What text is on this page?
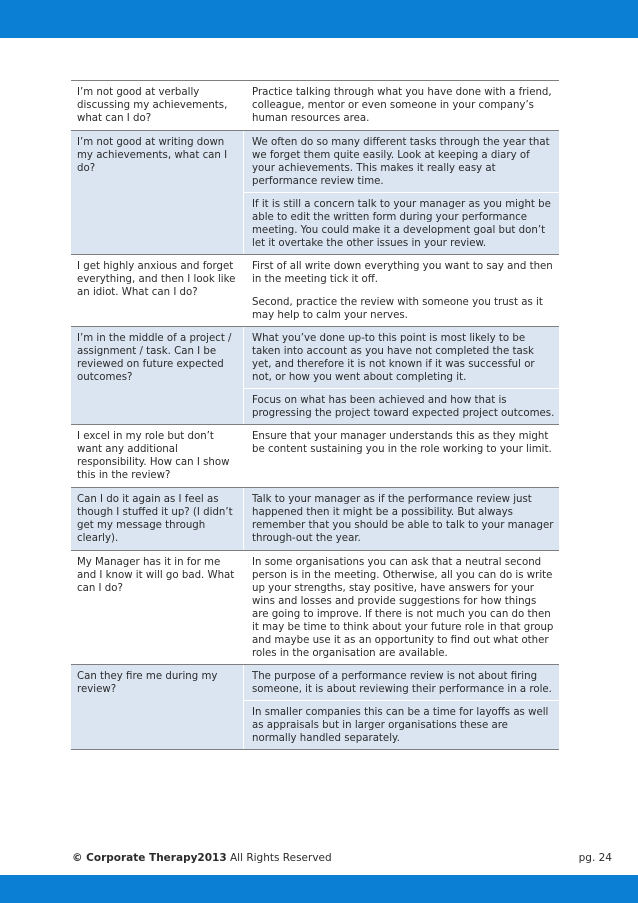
I’m not good at verbally discussing my achievements, what can I do?

Practice talking through what you have done with a friend, colleague, mentor or even someone in your company’s human resources area.

I’m not good at writing down my achievements, what can I do?

We often do so many different tasks through the year that we forget them quite easily. Look at keeping a diary of your achievements. This makes it really easy at performance review time.

If it is still a concern talk to your manager as you might be able to edit the written form during your performance meeting. You could make it a development goal but don’t let it overtake the other issues in your review.

I get highly anxious and forget everything, and then I look like an idiot. What can I do?

First of all write down everything you want to say and then in the meeting tick it off.

Second, practice the review with someone you trust as it may help to calm your nerves.

I’m in the middle of a project / assignment / task. Can I be reviewed on future expected outcomes?

What you’ve done up-to this point is most likely to be taken into account as you have not completed the task yet, and therefore it is not known if it was successful or not, or how you went about completing it.

Focus on what has been achieved and how that is progressing the project toward expected project outcomes.

I excel in my role but don’t want any additional responsibility. How can I show this in the review?

Ensure that your manager understands this as they might be content sustaining you in the role working to your limit.

Can I do it again as I feel as though I stuffed it up? (I didn’t get my message through clearly).

Talk to your manager as if the performance review just happened then it might be a possibility. But always remember that you should be able to talk to your manager through-out the year.

My Manager has it in for me and I know it will go bad. What can I do?

In some organisations you can ask that a neutral second person is in the meeting. Otherwise, all you can do is write up your strengths, stay positive, have answers for your wins and losses and provide suggestions for how things are going to improve. If there is not much you can do then it may be time to think about your future role in that group and maybe use it as an opportunity to find out what other roles in the organisation are available.

Can they fire me during my review?

The purpose of a performance review is not about firing someone, it is about reviewing their performance in a role.

In smaller companies this can be a time for layoffs as well as appraisals but in larger organisations these are normally handled separately.

© Corporate Therapy2013 All Rights Reserved	pg. 24
